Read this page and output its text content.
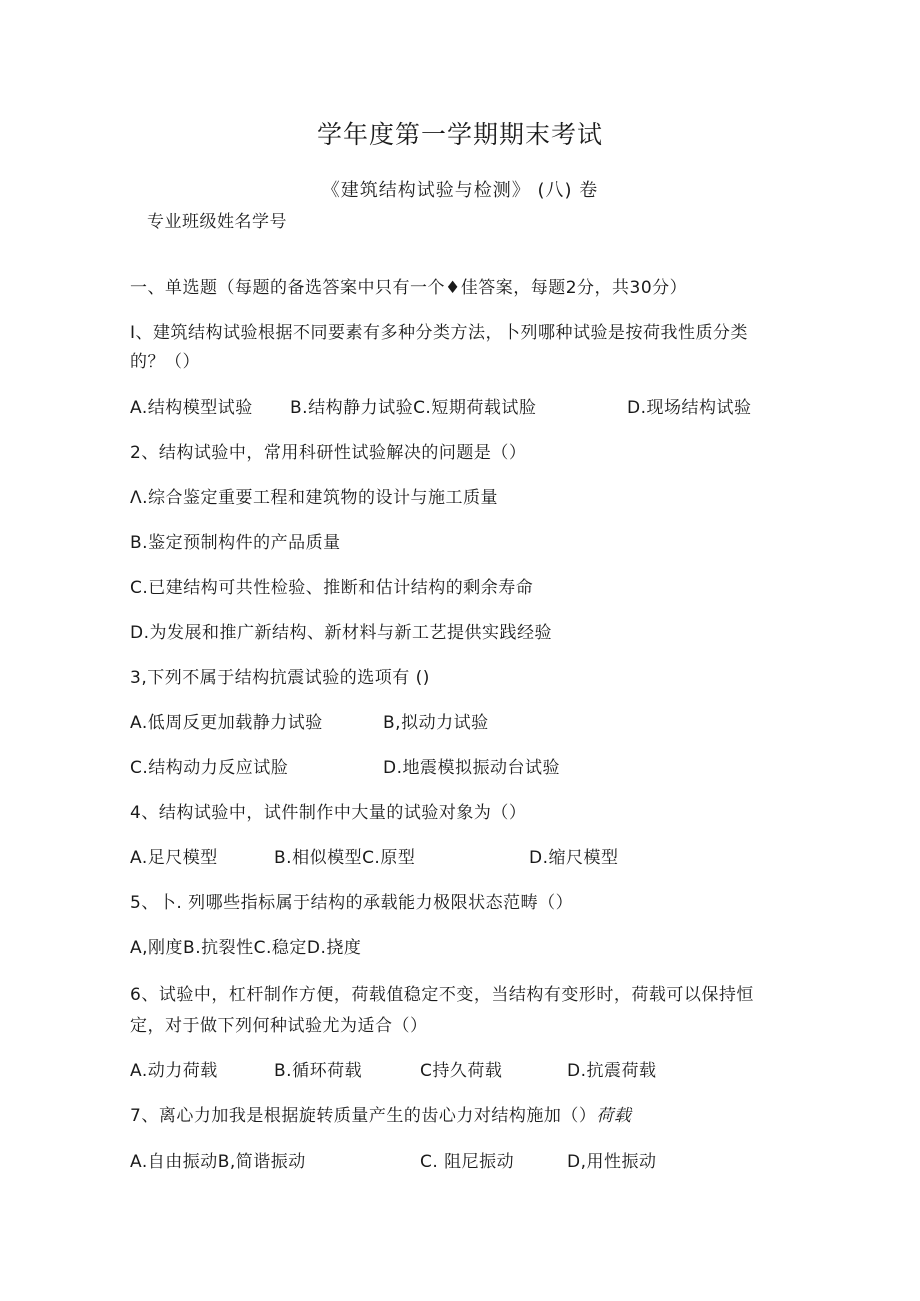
学年度第一学期期末考试
《建筑结构试验与检测》 (八) 卷
专业班级姓名学号
一、单选题（每题的备选答案中只有一个♦佳答案，每题2分，共30分）
I、建筑结构试验根据不同要素有多种分类方法，卜列哪种试验是按荷我性质分类
的？（）
A.结构模型试验 B.结构静力试验C.短期荷载试脸	D.现场结构试验
2、结构试验中，常用科研性试验解决的问题是（）
Λ.综合鉴定重要工程和建筑物的设计与施工质量
B.鉴定预制构件的产品质量
C.已建结构可共性检验、推断和估计结构的剩余寿命
D.为发展和推广新结构、新材料与新工艺提供实践经验
3,下列不属于结构抗震试验的选项有 ()
A.低周反更加载静力试验	B,拟动力试验
C.结构动力反应试脸	D.地震模拟振动台试验
4、结构试验中，试件制作中大量的试验对象为（）
A.足尺模型	B.相似模型C.原型	D.缩尺模型
5、卜. 列哪些指标属于结构的承载能力极限状态范畴（）
A,刚度B.抗裂性C.稳定D.挠度
6、试验中，杠杆制作方便，荷载值稳定不变，当结构有变形时，荷载可以保持恒
定，对于做下列何种试验尤为适合（）
A.动力荷载	B.循环荷载	C持久荷载	D.抗震荷载
7、离心力加我是根据旋转质量产生的齿心力对结构施加（）荷载
A.自由振动B,简谐振动	C. 阻尼振动	D,用性振动
